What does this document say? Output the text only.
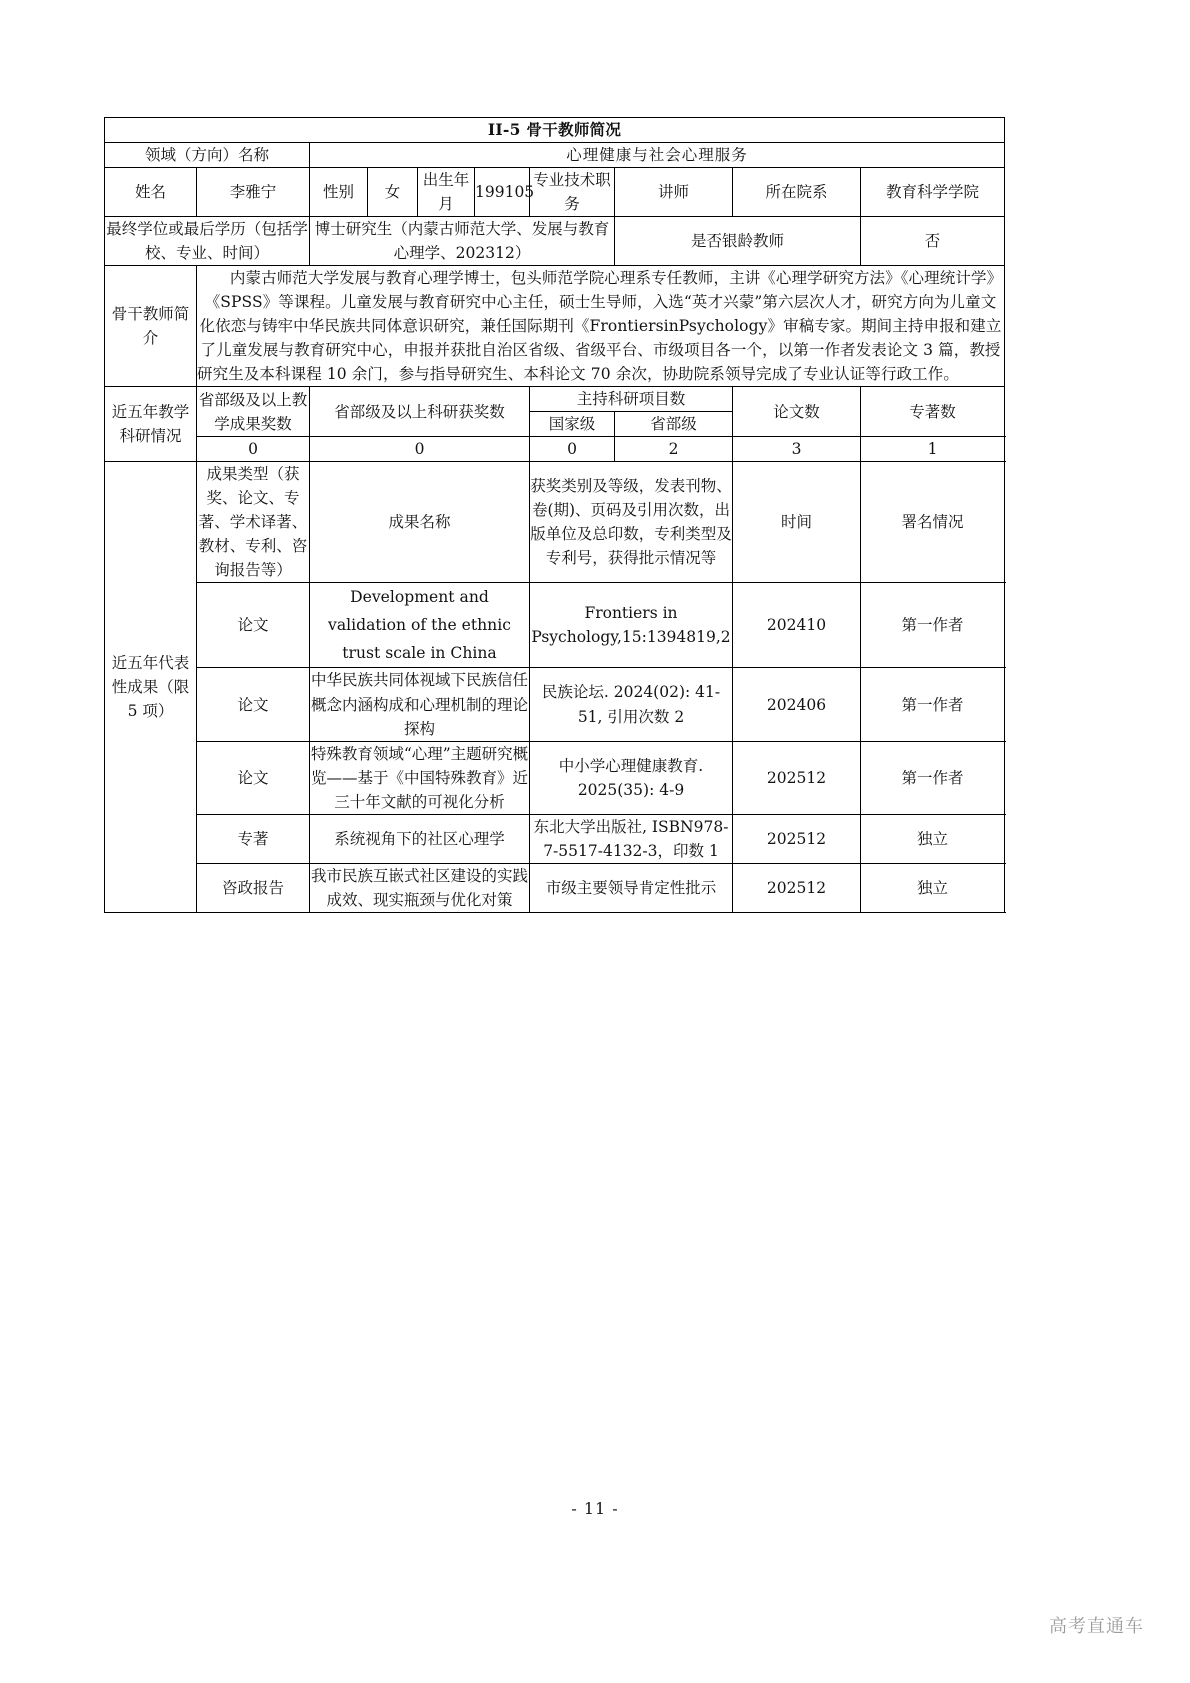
II-5 骨干教师简况									
领域（方向）名称		心理健康与社会心理服务							
姓名	李雅宁	性别	女	出生年月	199105	专业技术职务	讲师	所在院系	教育科学学院
最终学位或最后学历（包括学校、专业、时间）		博士研究生（内蒙古师范大学、发展与教育心理学、202312）					是否银龄教师		否
骨干教师简介	内蒙古师范大学发展与教育心理学博士，包头师范学院心理系专任教师，主讲《心理学研究方法》《心理统计学》《SPSS》等课程。儿童发展与教育研究中心主任，硕士生导师，入选“英才兴蒙”第六层次人才，研究方向为儿童文化依恋与铸牢中华民族共同体意识研究，兼任国际期刊《FrontiersinPsychology》审稿专家。期间主持申报和建立了儿童发展与教育研究中心，申报并获批自治区省级、省级平台、市级项目各一个，以第一作者发表论文 3 篇，教授研究生及本科课程 10 余门，参与指导研究生、本科论文 70 余次，协助院系领导完成了专业认证等行政工作。								

近五年教学科研情况	省部级及以上教学成果奖数	省部级及以上科研获奖数				主持科研项目数		论文数	专著数
						国家级	省部级		
	0	0				0	2	3	1
近五年代表性成果（限 5 项）	成果类型（获奖、论文、专著、学术译著、教材、专利、咨询报告等）	成果名称				获奖类别及等级，发表刊物、卷(期)、页码及引用次数，出版单位及总印数，专利类型及专利号，获得批示情况等		时间	署名情况
	论文	Development and validation of the ethnic trust scale in China				Frontiers in Psychology,15:1394819,2		202410	第一作者
	论文	中华民族共同体视域下民族信任概念内涵构成和心理机制的理论探构				民族论坛. 2024(02): 41-51, 引用次数 2		202406	第一作者
	论文	特殊教育领域“心理”主题研究概览——基于《中国特殊教育》近三十年文献的可视化分析				中小学心理健康教育. 2025(35): 4-9		202512	第一作者
	专著	系统视角下的社区心理学				东北大学出版社, ISBN978-7-5517-4132-3，印数 1		202512	独立
	咨政报告	我市民族互嵌式社区建设的实践成效、现实瓶颈与优化对策				市级主要领导肯定性批示		202512	独立
- 11 -
高考直通车
